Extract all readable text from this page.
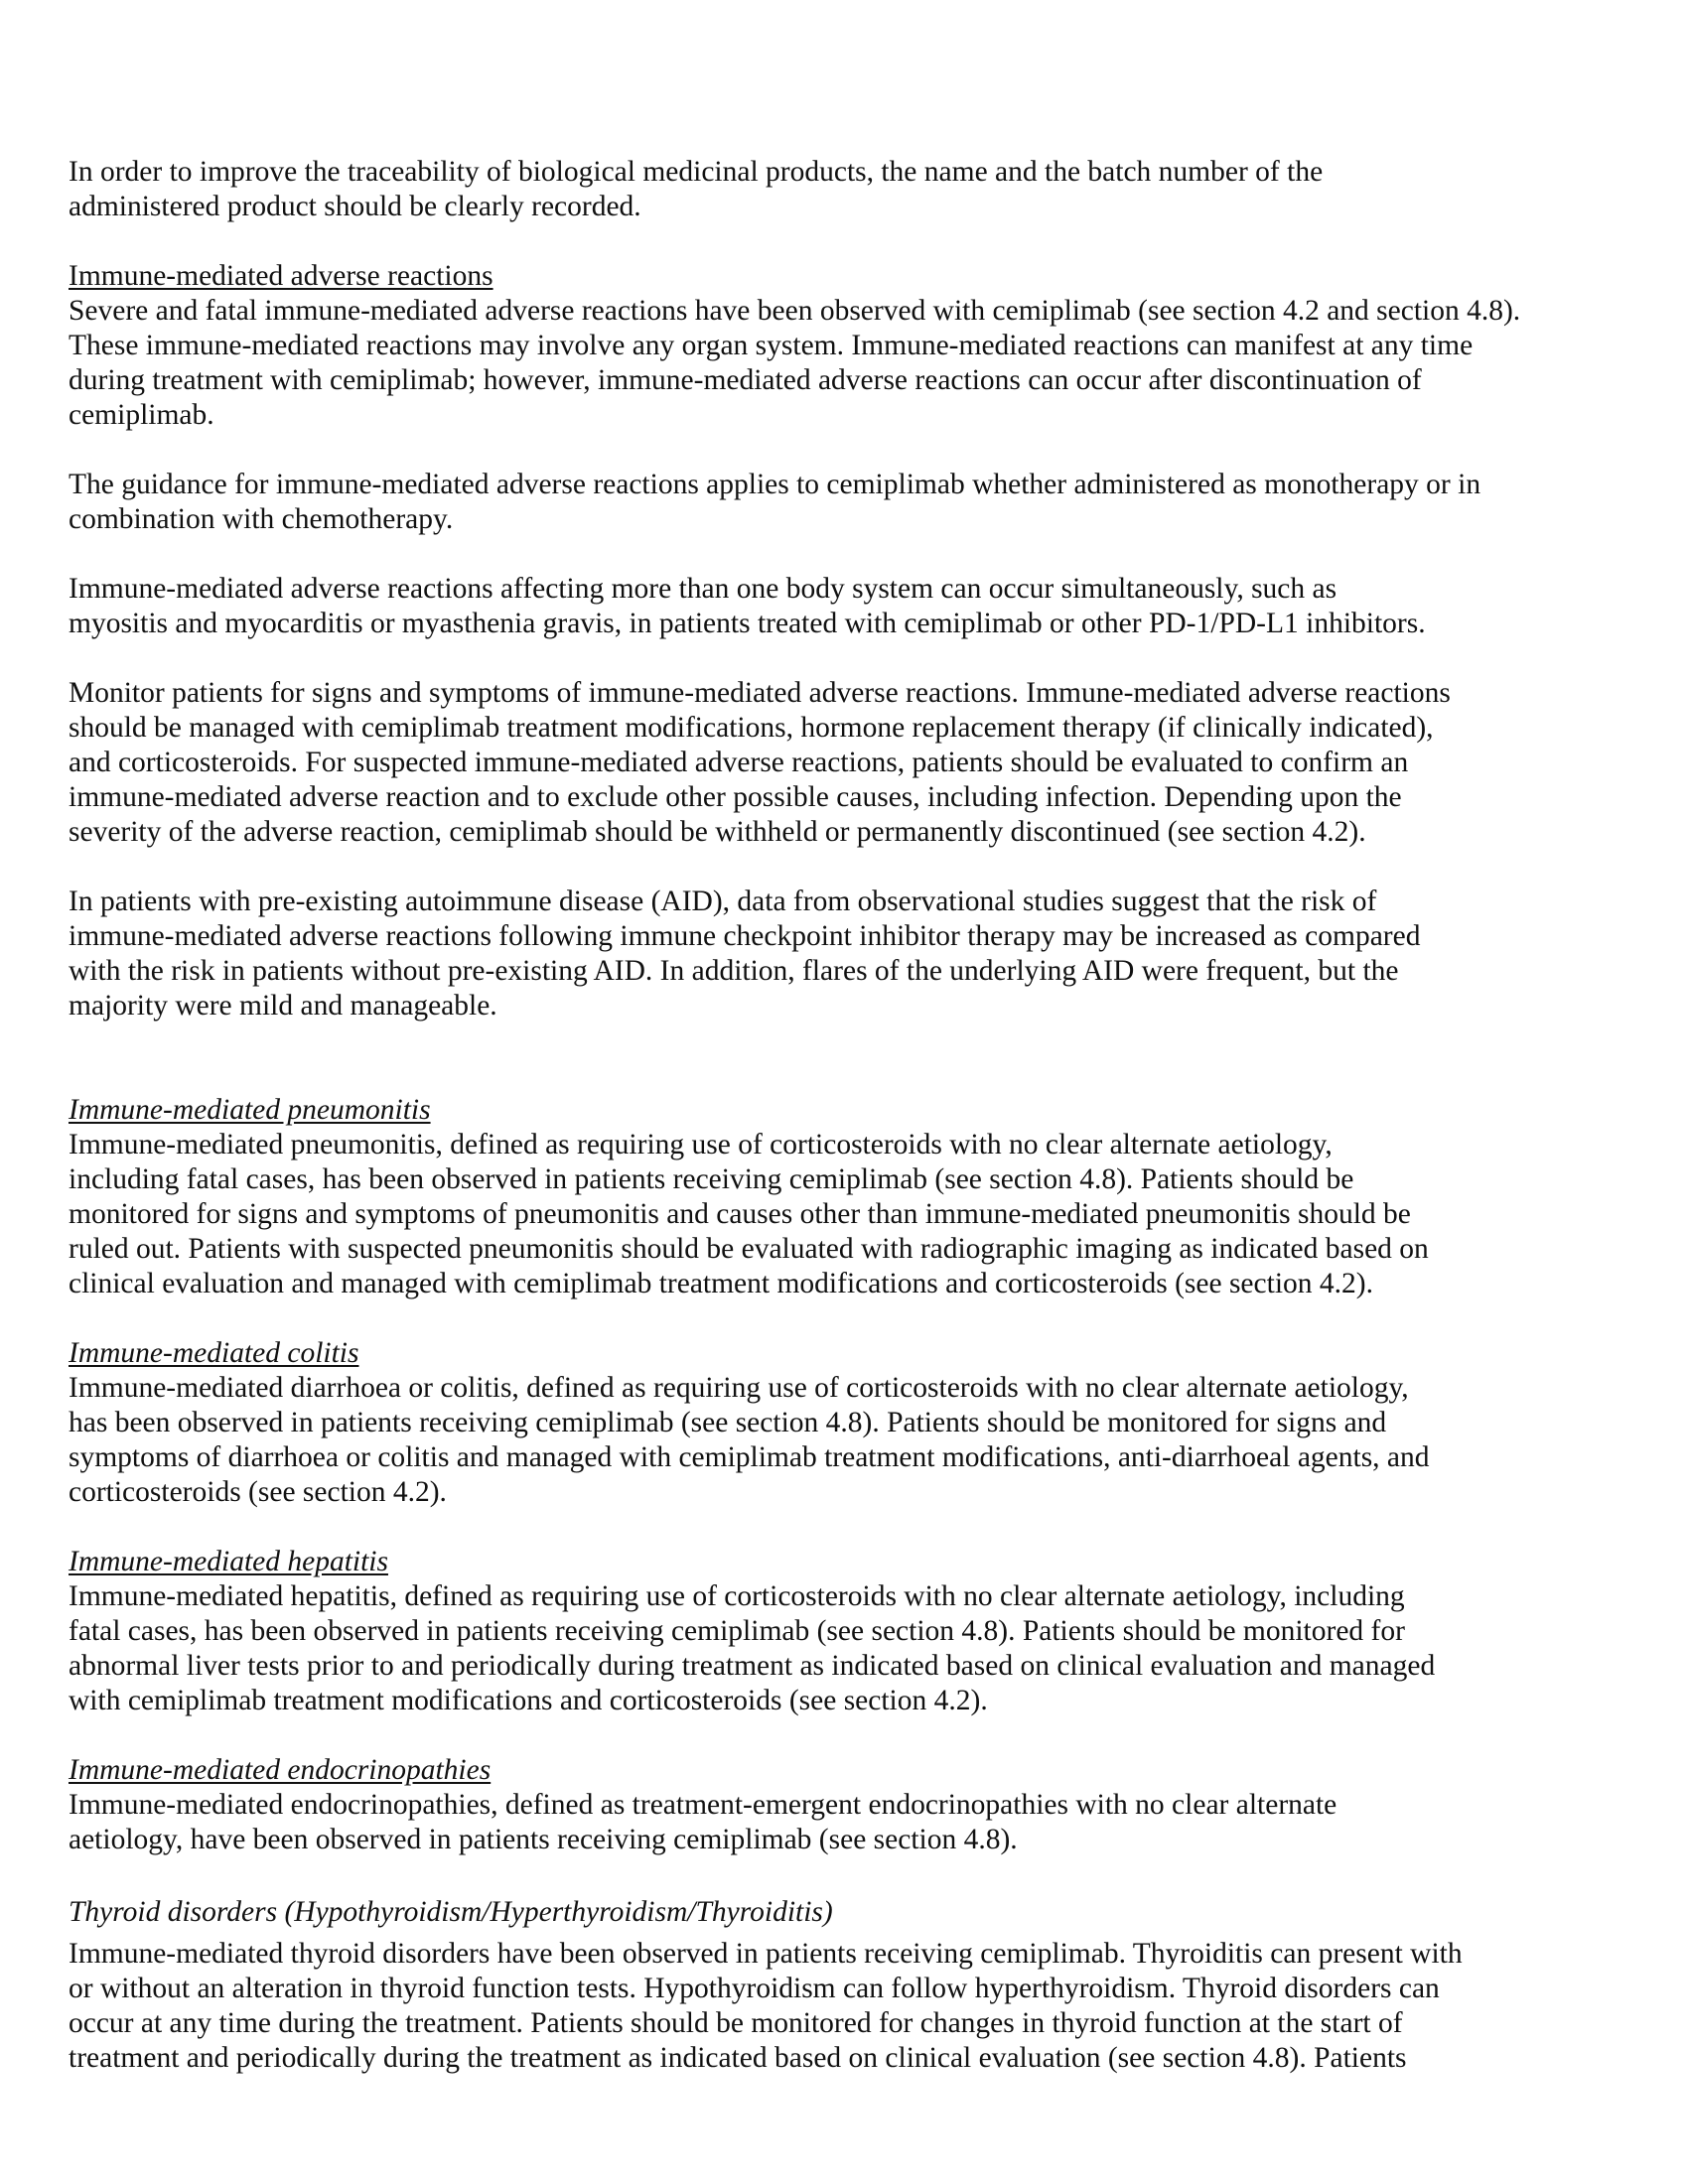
In order to improve the traceability of biological medicinal products, the name and the batch number of the
administered product should be clearly recorded.
Immune-mediated adverse reactions
Severe and fatal immune-mediated adverse reactions have been observed with cemiplimab (see section 4.2 and section 4.8).
These immune-mediated reactions may involve any organ system. Immune-mediated reactions can manifest at any time
during treatment with cemiplimab; however, immune-mediated adverse reactions can occur after discontinuation of
cemiplimab.
The guidance for immune-mediated adverse reactions applies to cemiplimab whether administered as monotherapy or in
combination with chemotherapy.
Immune-mediated adverse reactions affecting more than one body system can occur simultaneously, such as
myositis and myocarditis or myasthenia gravis, in patients treated with cemiplimab or other PD-1/PD-L1 inhibitors.
Monitor patients for signs and symptoms of immune-mediated adverse reactions. Immune-mediated adverse reactions
should be managed with cemiplimab treatment modifications, hormone replacement therapy (if clinically indicated),
and corticosteroids. For suspected immune-mediated adverse reactions, patients should be evaluated to confirm an
immune-mediated adverse reaction and to exclude other possible causes, including infection. Depending upon the
severity of the adverse reaction, cemiplimab should be withheld or permanently discontinued (see section 4.2).
In patients with pre-existing autoimmune disease (AID), data from observational studies suggest that the risk of
immune-mediated adverse reactions following immune checkpoint inhibitor therapy may be increased as compared
with the risk in patients without pre-existing AID. In addition, flares of the underlying AID were frequent, but the
majority were mild and manageable.
Immune-mediated pneumonitis
Immune-mediated pneumonitis, defined as requiring use of corticosteroids with no clear alternate aetiology,
including fatal cases, has been observed in patients receiving cemiplimab (see section 4.8). Patients should be
monitored for signs and symptoms of pneumonitis and causes other than immune-mediated pneumonitis should be
ruled out. Patients with suspected pneumonitis should be evaluated with radiographic imaging as indicated based on
clinical evaluation and managed with cemiplimab treatment modifications and corticosteroids (see section 4.2).
Immune-mediated colitis
Immune-mediated diarrhoea or colitis, defined as requiring use of corticosteroids with no clear alternate aetiology,
has been observed in patients receiving cemiplimab (see section 4.8). Patients should be monitored for signs and
symptoms of diarrhoea or colitis and managed with cemiplimab treatment modifications, anti-diarrhoeal agents, and
corticosteroids (see section 4.2).
Immune-mediated hepatitis
Immune-mediated hepatitis, defined as requiring use of corticosteroids with no clear alternate aetiology, including
fatal cases, has been observed in patients receiving cemiplimab (see section 4.8). Patients should be monitored for
abnormal liver tests prior to and periodically during treatment as indicated based on clinical evaluation and managed
with cemiplimab treatment modifications and corticosteroids (see section 4.2).
Immune-mediated endocrinopathies
Immune-mediated endocrinopathies, defined as treatment-emergent endocrinopathies with no clear alternate
aetiology, have been observed in patients receiving cemiplimab (see section 4.8).
Thyroid disorders (Hypothyroidism/Hyperthyroidism/Thyroiditis)
Immune-mediated thyroid disorders have been observed in patients receiving cemiplimab. Thyroiditis can present with
or without an alteration in thyroid function tests. Hypothyroidism can follow hyperthyroidism. Thyroid disorders can
occur at any time during the treatment. Patients should be monitored for changes in thyroid function at the start of
treatment and periodically during the treatment as indicated based on clinical evaluation (see section 4.8). Patients
